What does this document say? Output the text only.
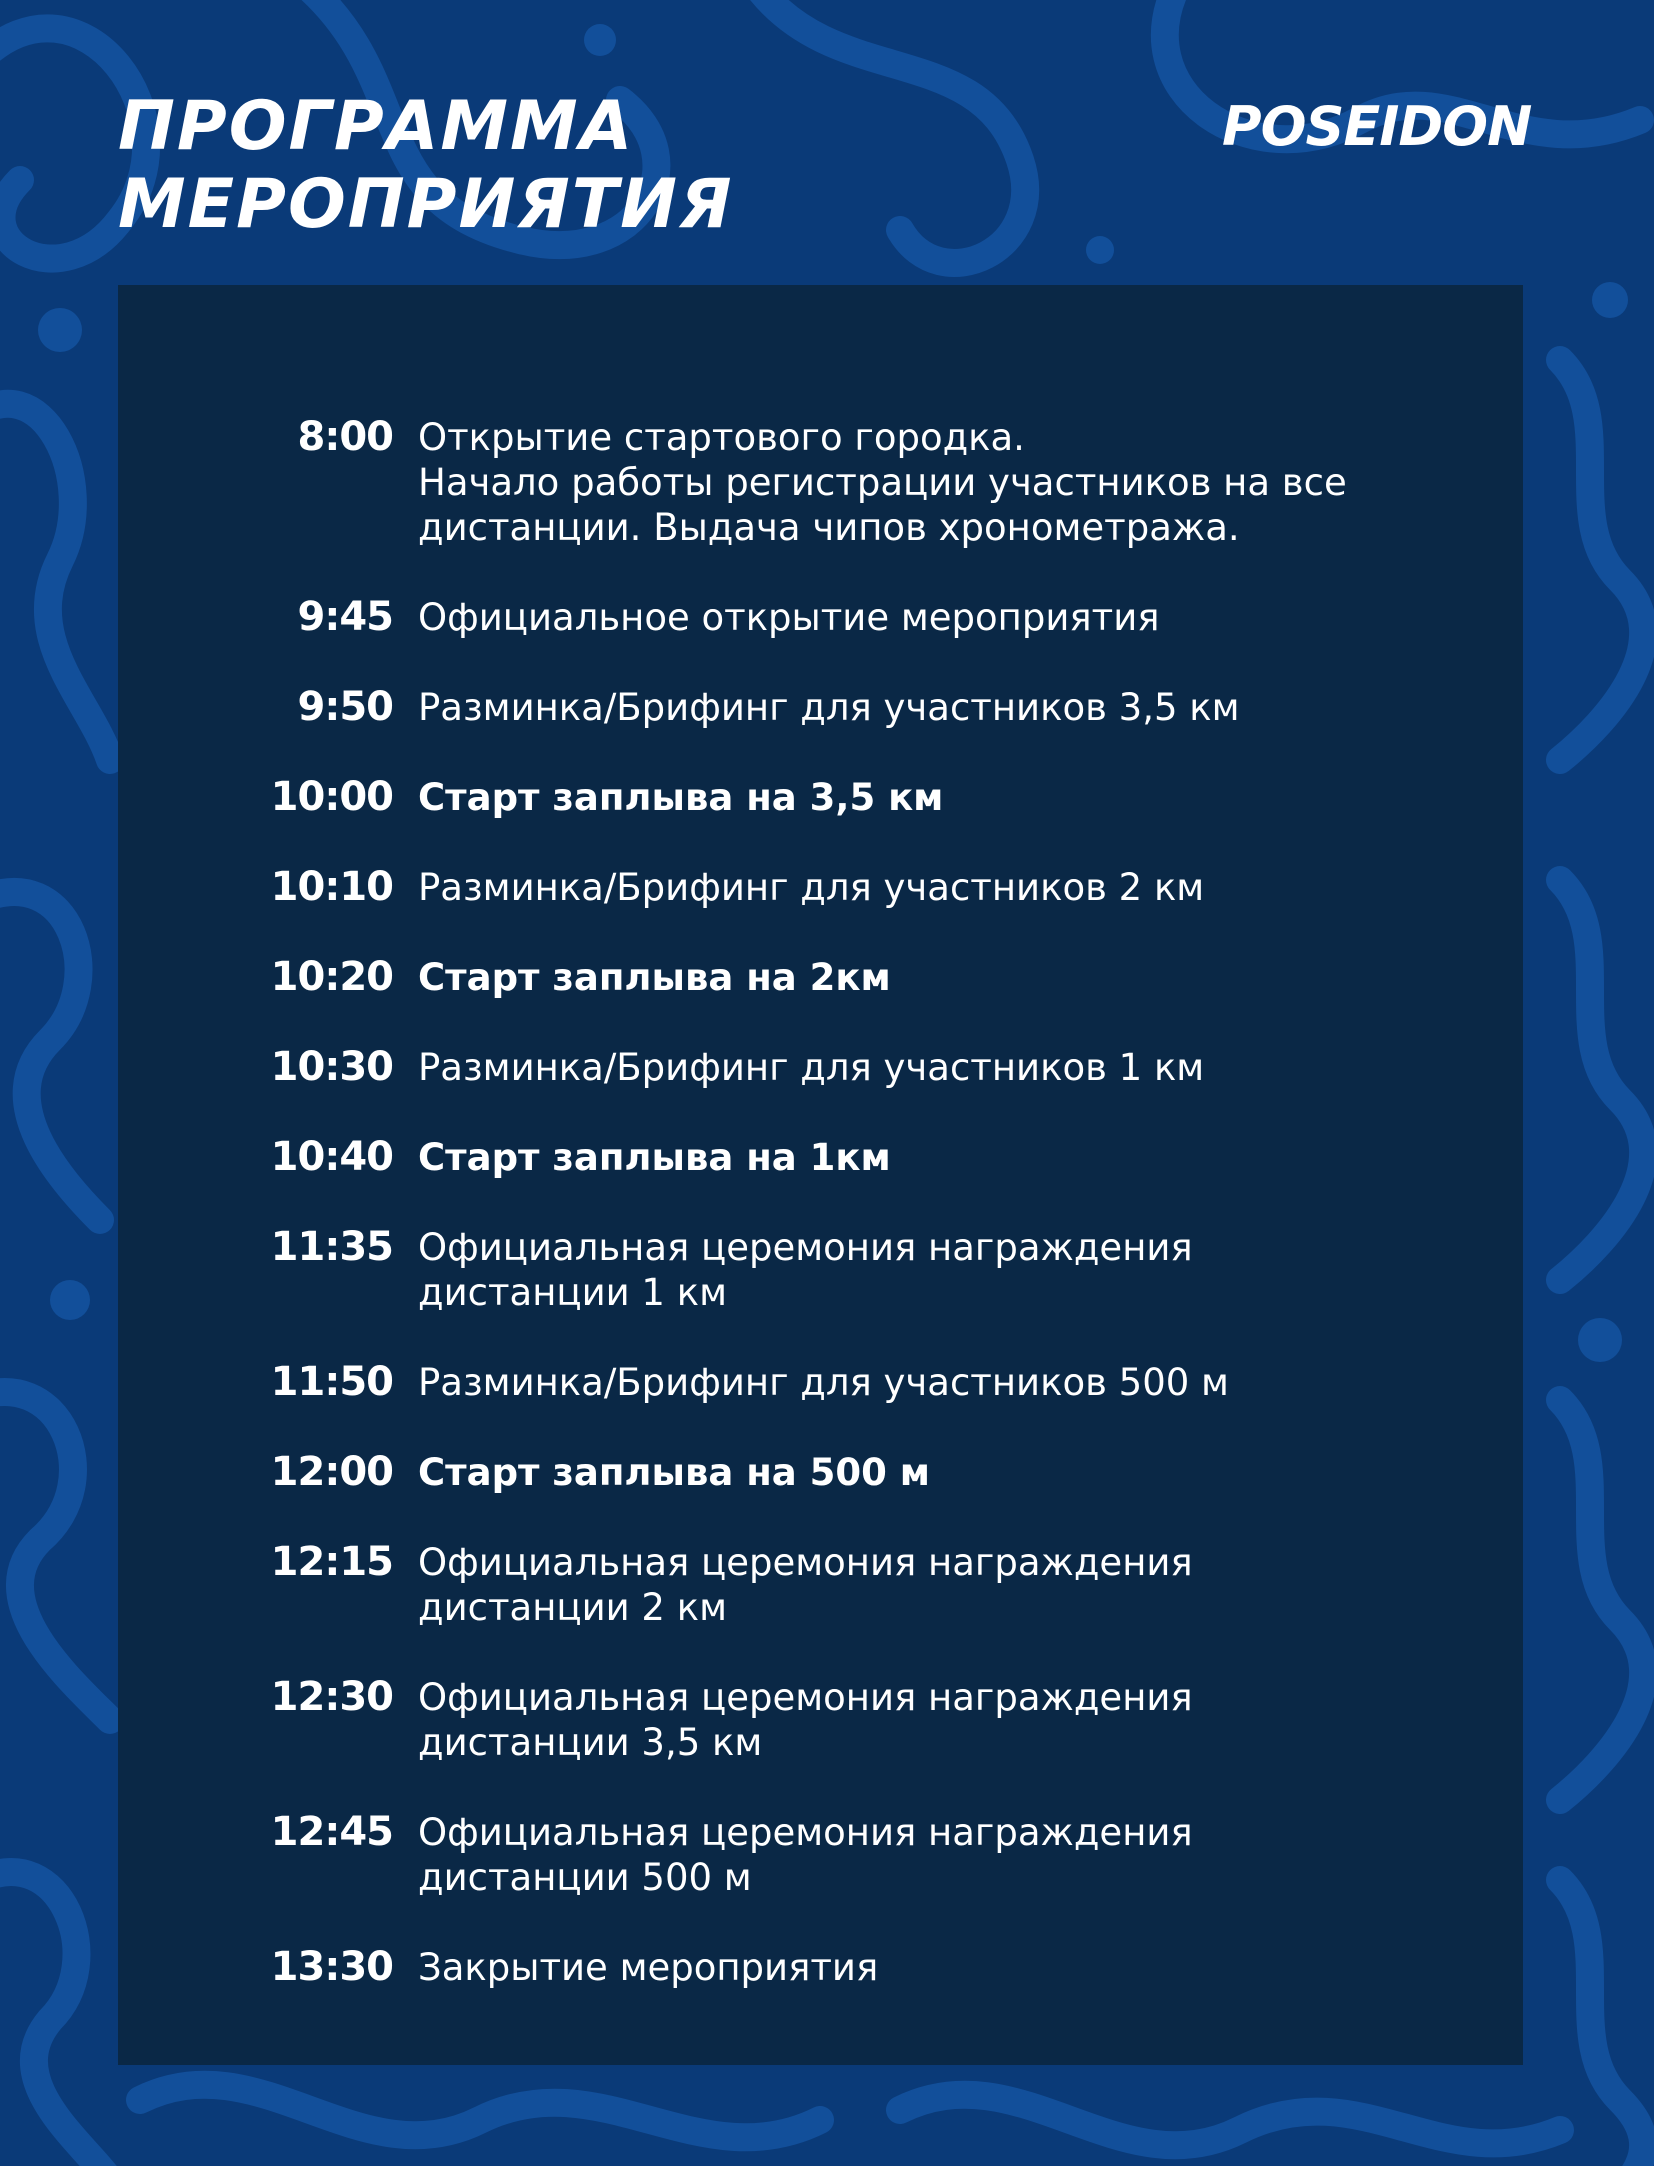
ПРОГРАММА
МЕРОПРИЯТИЯ
POSEIDON
8:00 Открытие стартового городка.
Начало работы регистрации участников на все
дистанции. Выдача чипов хронометража.
9:45 Официальное открытие мероприятия
9:50 Разминка/Брифинг для участников 3,5 км
10:00 Старт заплыва на 3,5 км
10:10 Разминка/Брифинг для участников 2 км
10:20 Старт заплыва на 2км
10:30 Разминка/Брифинг для участников 1 км
10:40 Старт заплыва на 1км
11:35 Официальная церемония награждения
дистанции 1 км
11:50 Разминка/Брифинг для участников 500 м
12:00 Старт заплыва на 500 м
12:15 Официальная церемония награждения
дистанции 2 км
12:30 Официальная церемония награждения
дистанции 3,5 км
12:45 Официальная церемония награждения
дистанции 500 м
13:30 Закрытие мероприятия
